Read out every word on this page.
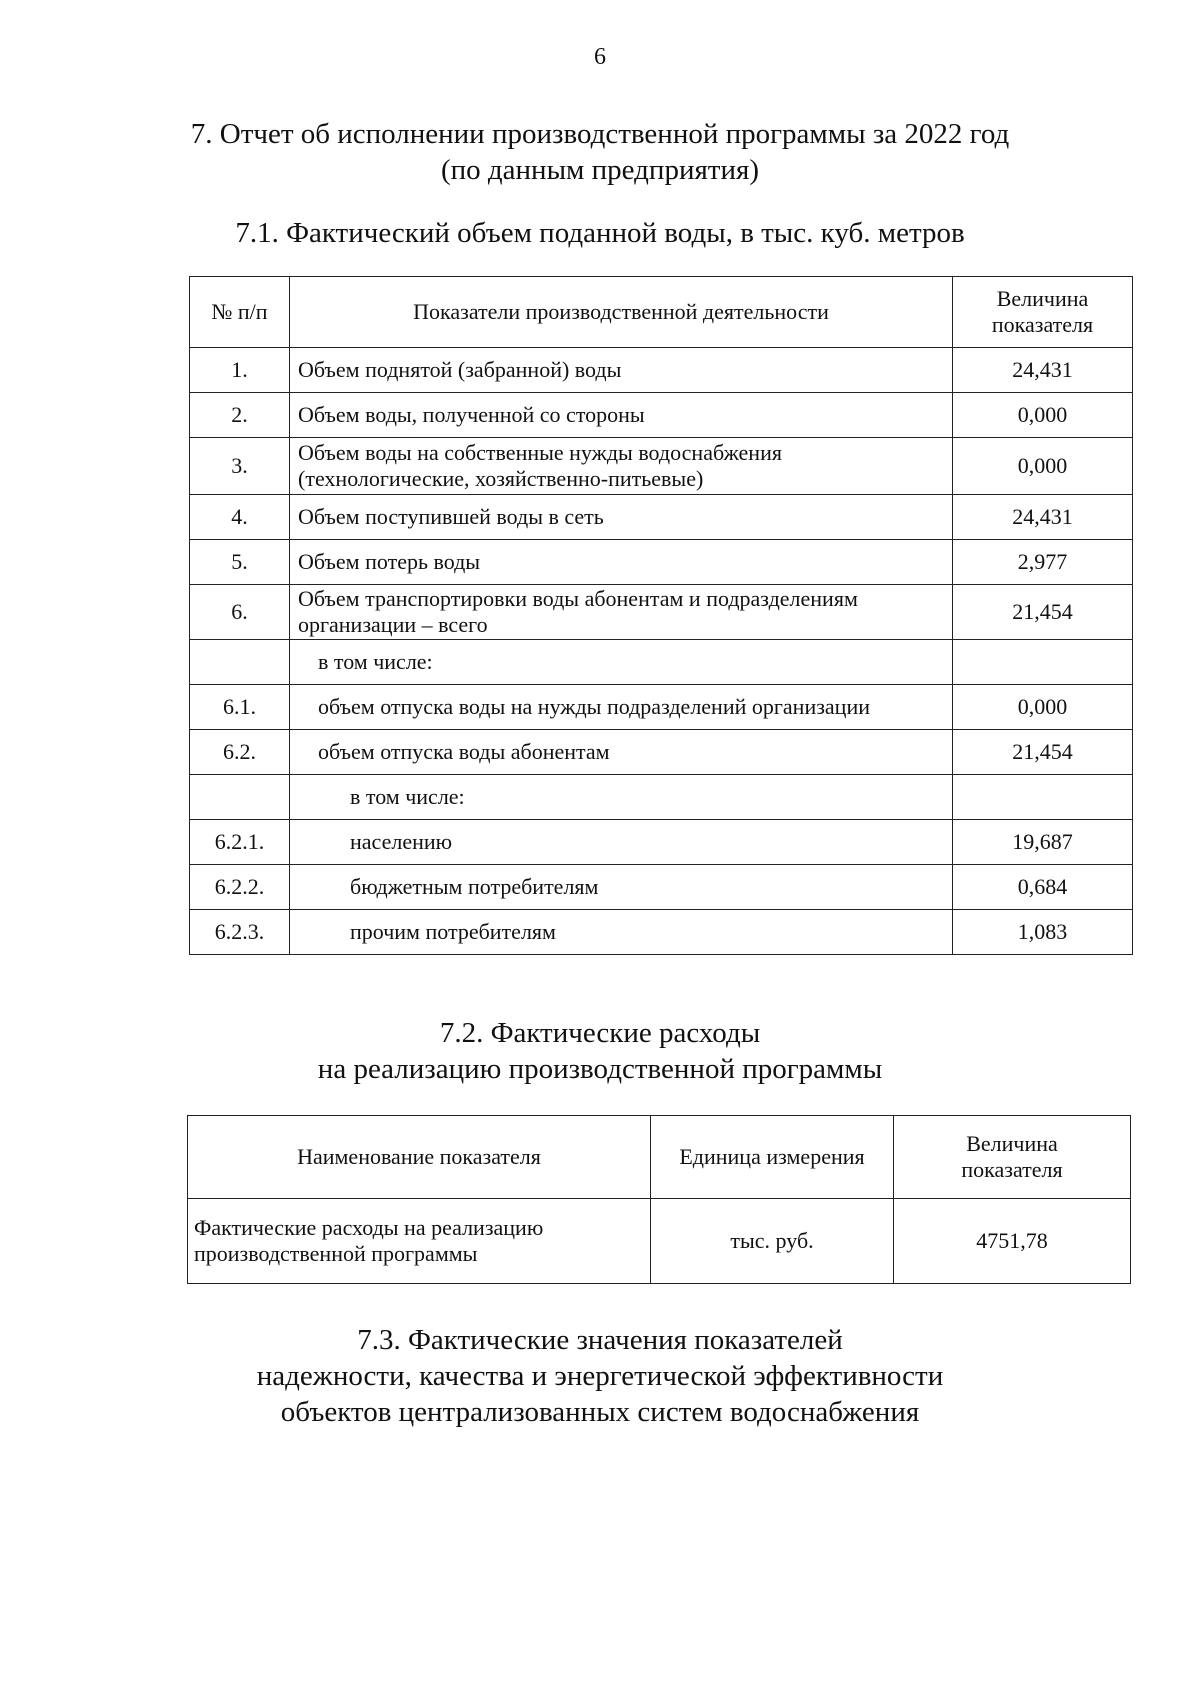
6
7. Отчет об исполнении производственной программы за 2022 год
(по данным предприятия)
7.1. Фактический объем поданной воды, в тыс. куб. метров
№ п/п	Показатели производственной деятельности	Величина
показателя

1.	Объем поднятой (забранной) воды	24,431
2.	Объем воды, полученной со стороны	0,000
3.	Объем воды на собственные нужды водоснабжения
(технологические, хозяйственно-питьевые)	0,000
4.	Объем поступившей воды в сеть	24,431
5.	Объем потерь воды	2,977
6.	Объем транспортировки воды абонентам и подразделениям
организации – всего	21,454
	в том числе:	
6.1.	объем отпуска воды на нужды подразделений организации	0,000
6.2.	объем отпуска воды абонентам	21,454
	в том числе:	
6.2.1.	населению	19,687
6.2.2.	бюджетным потребителям	0,684
6.2.3.	прочим потребителям	1,083
7.2. Фактические расходы
на реализацию производственной программы
Наименование показателя	Единица измерения	Величина
показателя

Фактические расходы на реализацию
производственной программы	тыс. руб.	4751,78
7.3. Фактические значения показателей
надежности, качества и энергетической эффективности
объектов централизованных систем водоснабжения
